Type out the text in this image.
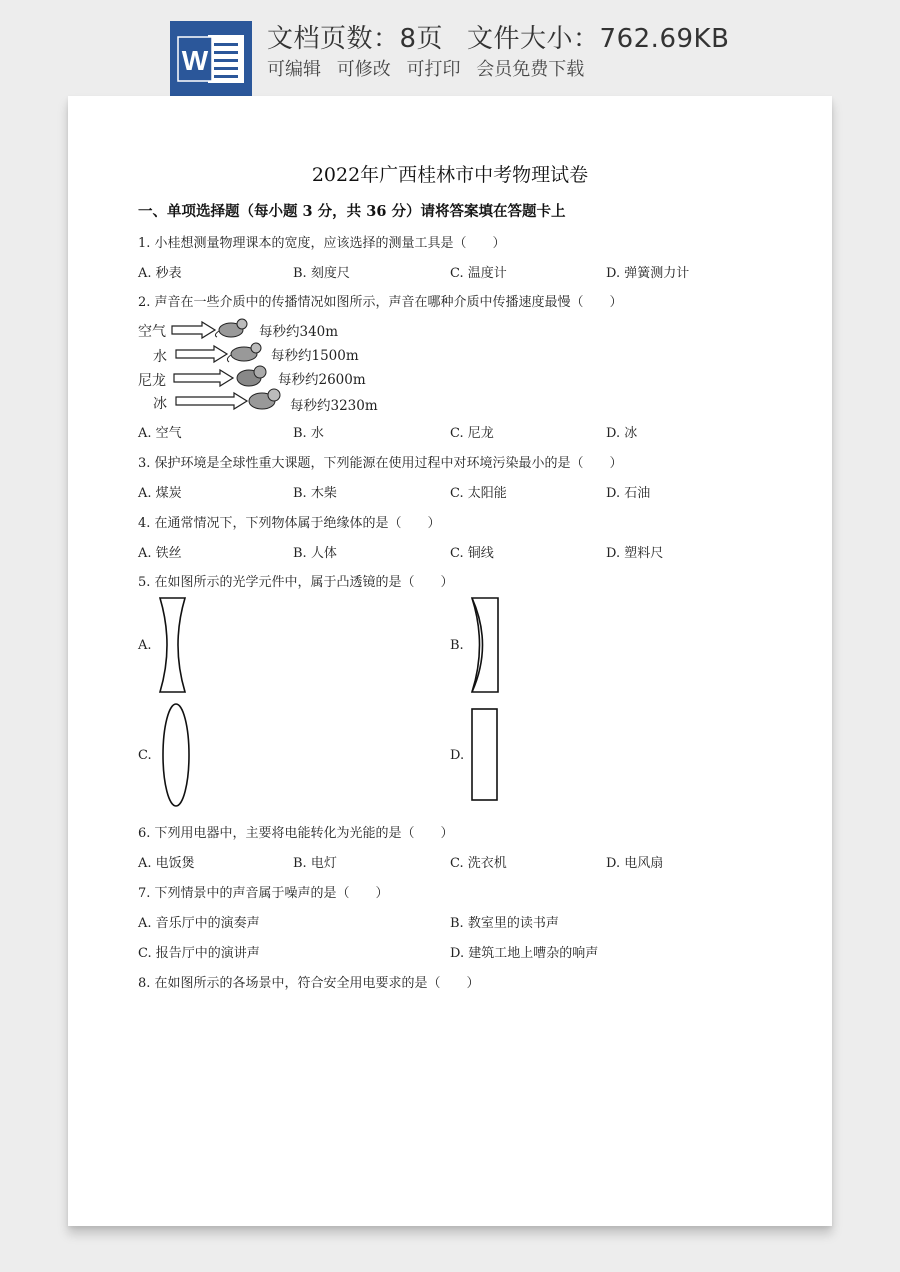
W
文档页数：8页 文件大小：762.69KB
可编辑 可修改 可打印 会员免费下载
2022年广西桂林市中考物理试卷
一、单项选择题（每小题 3 分，共 36 分）请将答案填在答题卡上
1. 小桂想测量物理课本的宽度，应该选择的测量工具是（　　）
A. 秒表	B. 刻度尺	C. 温度计	D. 弹簧测力计
2. 声音在一些介质中的传播情况如图所示，声音在哪种介质中传播速度最慢（　　）
空气
水
尼龙
冰
每秒约340m
每秒约1500m
每秒约2600m
每秒约3230m
A. 空气	B. 水	C. 尼龙	D. 冰
3. 保护环境是全球性重大课题，下列能源在使用过程中对环境污染最小的是（　　）
A. 煤炭	B. 木柴	C. 太阳能	D. 石油
4. 在通常情况下，下列物体属于绝缘体的是（　　）
A. 铁丝	B. 人体	C. 铜线	D. 塑料尺
5. 在如图所示的光学元件中，属于凸透镜的是（　　）
A.	B.
C.	D.
6. 下列用电器中，主要将电能转化为光能的是（　　）
A. 电饭煲	B. 电灯	C. 洗衣机	D. 电风扇
7. 下列情景中的声音属于噪声的是（　　）
A. 音乐厅中的演奏声	B. 教室里的读书声
C. 报告厅中的演讲声	D. 建筑工地上嘈杂的响声
8. 在如图所示的各场景中，符合安全用电要求的是（　　）
